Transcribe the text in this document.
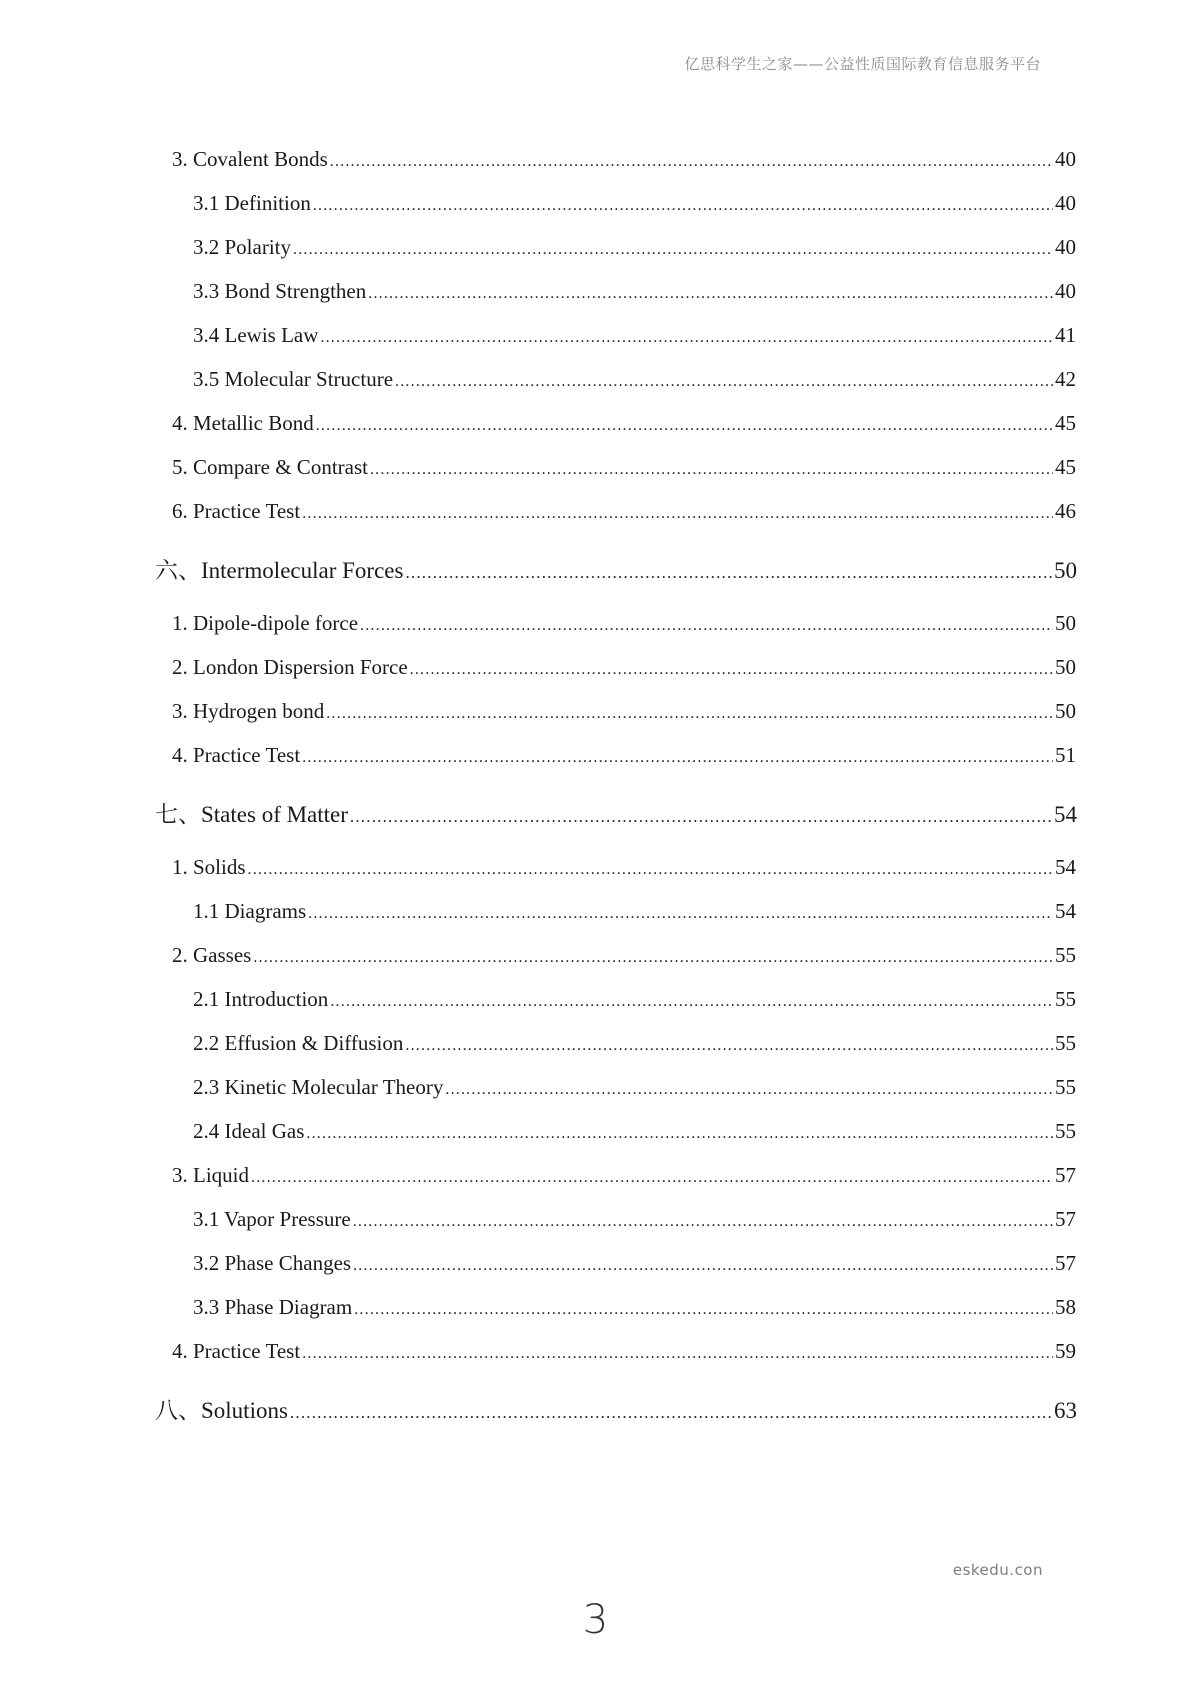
亿思科学生之家——公益性质国际教育信息服务平台
3. Covalent Bonds .....	40
3.1 Definition .....	40
3.2 Polarity .....	40
3.3 Bond Strengthen .....	40
3.4 Lewis Law .....	41
3.5 Molecular Structure .....	42
4. Metallic Bond .....	45
5. Compare & Contrast .....	45
6. Practice Test .....	46
六、Intermolecular Forces .....	50
1. Dipole-dipole force .....	50
2. London Dispersion Force .....	50
3. Hydrogen bond .....	50
4. Practice Test .....	51
七、States of Matter .....	54
1. Solids .....	54
1.1 Diagrams .....	54
2. Gasses .....	55
2.1 Introduction .....	55
2.2 Effusion & Diffusion .....	55
2.3 Kinetic Molecular Theory .....	55
2.4 Ideal Gas .....	55
3. Liquid .....	57
3.1 Vapor Pressure .....	57
3.2 Phase Changes .....	57
3.3 Phase Diagram .....	58
4. Practice Test .....	59
八、Solutions .....	63
eskedu.con
3
